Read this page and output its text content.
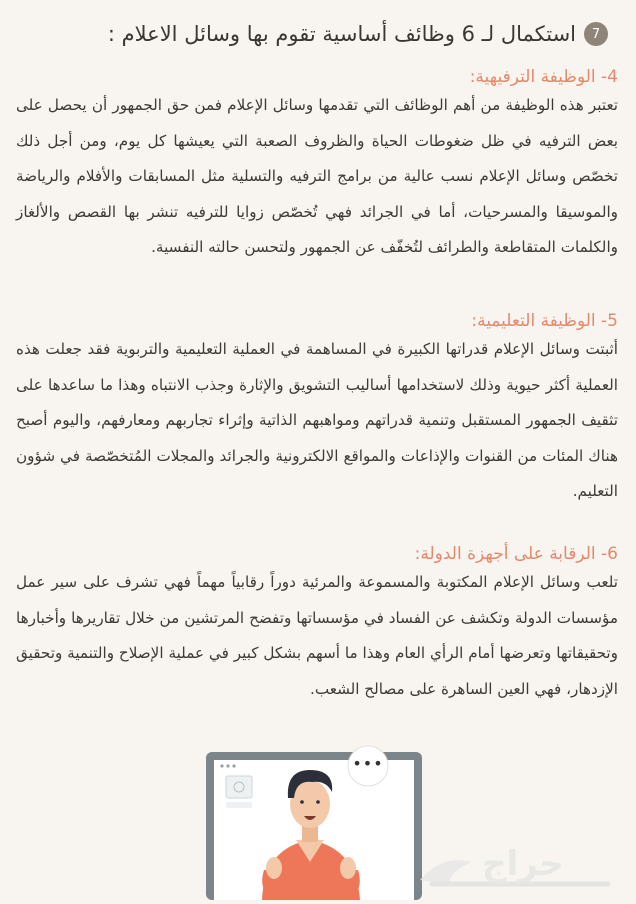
7
استكمال لـ 6 وظائف أساسية تقوم بها وسائل الاعلام :
4- الوظيفة الترفيهية:

تعتبر هذه الوظيفة من أهم الوظائف التي تقدمها وسائل الإعلام فمن حق الجمهور أن يحصل على بعض الترفيه في ظل ضغوطات الحياة والظروف الصعبة التي يعيشها كل يوم، ومن أجل ذلك تخصّص وسائل الإعلام نسب عالية من برامج الترفيه والتسلية مثل المسابقات والأفلام والرياضة والموسيقا والمسرحيات، أما في الجرائد فهي تُخصّص زوايا للترفيه تنشر بها القصص والألغاز والكلمات المتقاطعة والطرائف لتُخفّف عن الجمهور ولتحسن حالته النفسية.

5- الوظيفة التعليمية:

أثبتت وسائل الإعلام قدراتها الكبيرة في المساهمة في العملية التعليمية والتربوية فقد جعلت هذه العملية أكثر حيوية وذلك لاستخدامها أساليب التشويق والإثارة وجذب الانتباه وهذا ما ساعدها على تثقيف الجمهور المستقبل وتنمية قدراتهم ومواهبهم الذاتية وإثراء تجاربهم ومعارفهم، واليوم أصبح هناك المئات من القنوات والإذاعات والمواقع الالكترونية والجرائد والمجلات المُتخصّصة في شؤون التعليم.

6- الرقابة على أجهزة الدولة:

تلعب وسائل الإعلام المكتوبة والمسموعة والمرئية دوراً رقابياً مهماً فهي تشرف على سير عمل مؤسسات الدولة وتكشف عن الفساد في مؤسساتها وتفضح المرتشين من خلال تقاريرها وأخبارها وتحقيقاتها وتعرضها أمام الرأي العام وهذا ما أسهم بشكل كبير في عملية الإصلاح والتنمية وتحقيق الإزدهار، فهي العين الساهرة على مصالح الشعب.

•••
حراج
